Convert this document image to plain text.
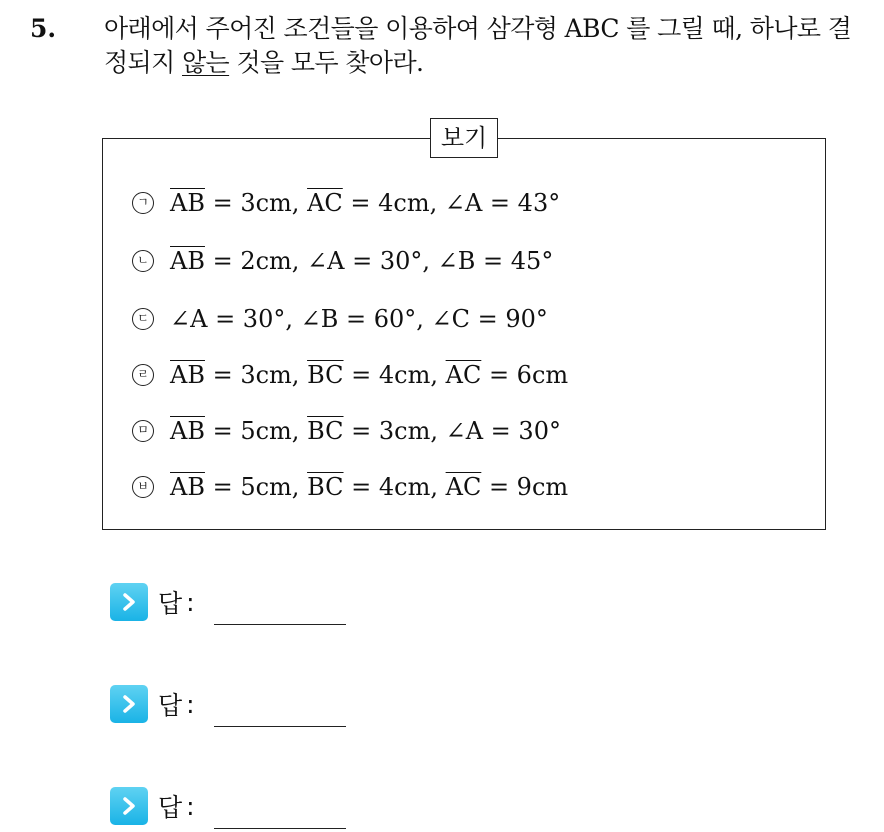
5. 아래에서 주어진 조건들을 이용하여 삼각형 ABC 를 그릴 때, 하나로 결정되지 않는 것을 모두 찾아라.
보기
ㄱ $\overline{AB} = 3cm$, $\overline{AC} = 4cm$, ∠A = 43°
ㄴ $\overline{AB} = 2cm$, ∠A = 30°, ∠B = 45°
ㄷ ∠A = 30°, ∠B = 60°, ∠C = 90°
ㄹ $\overline{AB} = 3cm$, $\overline{BC} = 4cm$, $\overline{AC} = 6cm$
ㅁ $\overline{AB} = 5cm$, $\overline{BC} = 3cm$, ∠A = 30°
ㅂ $\overline{AB} = 5cm$, $\overline{BC} = 4cm$, $\overline{AC} = 9cm$
답 :
답 :
답 :
